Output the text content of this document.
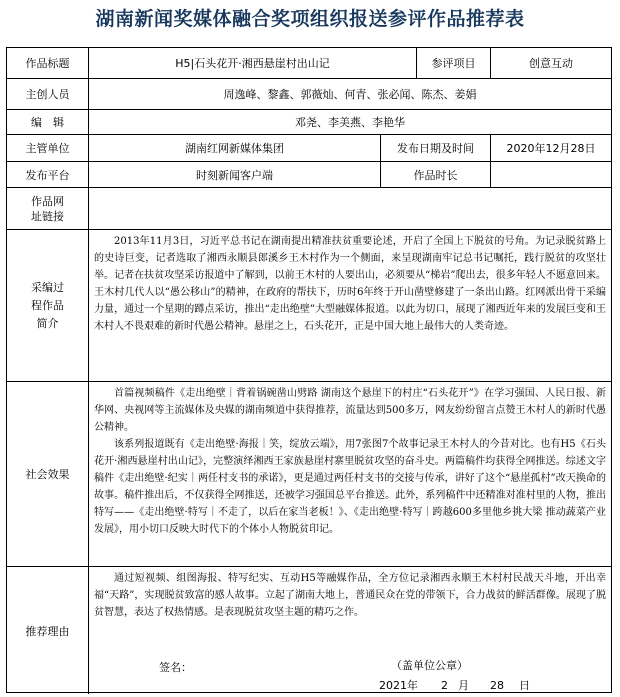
湖南新闻奖媒体融合奖项组织报送参评作品推荐表
作品标题	H5|石头花开·湘西悬崖村出山记	参评项目	创意互动
主创人员	周逸峰、黎鑫、郭薇灿、何青、张必闻、陈杰、姜娟
编　辑	邓尧、李美燕、李艳华
主管单位	湖南红网新媒体集团	发布日期及时间	2020年12月28日
发布平台	时刻新闻客户端	作品时长
作品网址链接
采编过程作品简介

2013年11月3日，习近平总书记在湖南提出精准扶贫重要论述，开启了全国上下脱贫的号角。为记录脱贫路上的史诗巨变，记者选取了湘西永顺县郎溪乡王木村作为一个侧面，来呈现湖南牢记总书记嘱托，践行脱贫的攻坚壮举。记者在扶贫攻坚采访报道中了解到，以前王木村的人要出山，必须要从“梯岩”爬出去，很多年轻人不愿意回来。王木村几代人以“愚公移山”的精神，在政府的帮扶下，历时6年终于开山凿壁修建了一条出山路。红网派出骨干采编力量，通过一个星期的蹲点采访，推出“走出绝壁”大型融媒体报道。以此为切口，展现了湘西近年来的发展巨变和王木村人不畏艰难的新时代愚公精神。悬崖之上，石头花开，正是中国大地上最伟大的人类奇迹。

社会效果

首篇视频稿件《走出绝壁｜背着锅碗凿山劈路 湖南这个悬崖下的村庄“石头花开”》在学习强国、人民日报、新华网、央视网等主流媒体及央媒的湖南频道中获得推荐，流量达到500多万，网友纷纷留言点赞王木村人的新时代愚公精神。

该系列报道既有《走出绝壁·海报｜笑，绽放云端》，用7张图7个故事记录王木村人的今昔对比。也有H5《石头花开·湘西悬崖村出山记》，完整演绎湘西王家族悬崖村寨里脱贫攻坚的奋斗史。两篇稿件均获得全网推送。综述文字稿件《走出绝壁·纪实｜两任村支书的承诺》，更是通过两任村支书的交接与传承，讲好了这个“悬崖孤村”改天换命的故事。稿件推出后，不仅获得全网推送，还被学习强国总平台推送。此外，系列稿件中还精准对准村里的人物，推出特写——《走出绝壁·特写｜不走了，以后在家当老板！》、《走出绝壁·特写｜跨越600多里他乡挑大梁 推动蔬菜产业发展》，用小切口反映大时代下的个体小人物脱贫印记。

推荐理由

通过短视频、组图海报、特写纪实、互动H5等融媒作品，全方位记录湘西永顺王木村村民战天斗地，开出幸福“天路”，实现脱贫致富的感人故事。立起了湖南大地上，普通民众在党的带领下，合力战贫的鲜活群像。展现了脱贫智慧，表达了权热情感。是表现脱贫攻坚主题的精巧之作。

签名：	（盖单位公章）
2021年 2 月 28 日
